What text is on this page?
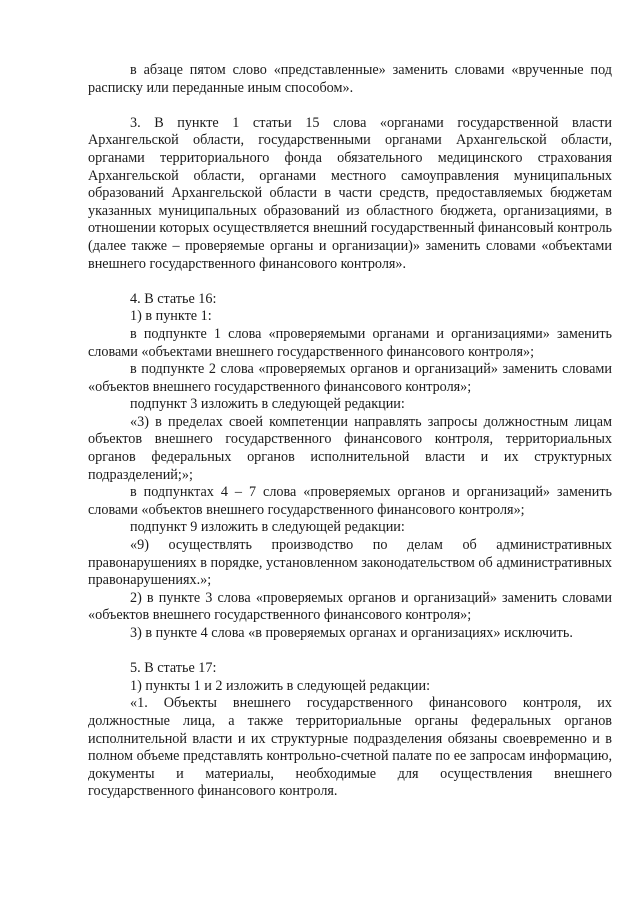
в абзаце пятом слово «представленные» заменить словами «врученные под расписку или переданные иным способом».

3. В пункте 1 статьи 15 слова «органами государственной власти Архангельской области, государственными органами Архангельской области, органами территориального фонда обязательного медицинского страхования Архангельской области, органами местного самоуправления муниципальных образований Архангельской области в части средств, предоставляемых бюджетам указанных муниципальных образований из областного бюджета, организациями, в отношении которых осуществляется внешний государственный финансовый контроль (далее также – проверяемые органы и организации)» заменить словами «объектами внешнего государственного финансового контроля».

4. В статье 16:

1) в пункте 1:

в подпункте 1 слова «проверяемыми органами и организациями» заменить словами «объектами внешнего государственного финансового контроля»;

в подпункте 2 слова «проверяемых органов и организаций» заменить словами «объектов внешнего государственного финансового контроля»;

подпункт 3 изложить в следующей редакции:

«3) в пределах своей компетенции направлять запросы должностным лицам объектов внешнего государственного финансового контроля, территориальных органов федеральных органов исполнительной власти и их структурных подразделений;»;

в подпунктах 4 – 7 слова «проверяемых органов и организаций» заменить словами «объектов внешнего государственного финансового контроля»;

подпункт 9 изложить в следующей редакции:

«9) осуществлять производство по делам об административных правонарушениях в порядке, установленном законодательством об административных правонарушениях.»;

2) в пункте 3 слова «проверяемых органов и организаций» заменить словами «объектов внешнего государственного финансового контроля»;

3) в пункте 4 слова «в проверяемых органах и организациях» исключить.

5. В статье 17:

1) пункты 1 и 2 изложить в следующей редакции:

«1. Объекты внешнего государственного финансового контроля, их должностные лица, а также территориальные органы федеральных органов исполнительной власти и их структурные подразделения обязаны своевременно и в полном объеме представлять контрольно-счетной палате по ее запросам информацию, документы и материалы, необходимые для осуществления внешнего государственного финансового контроля.
